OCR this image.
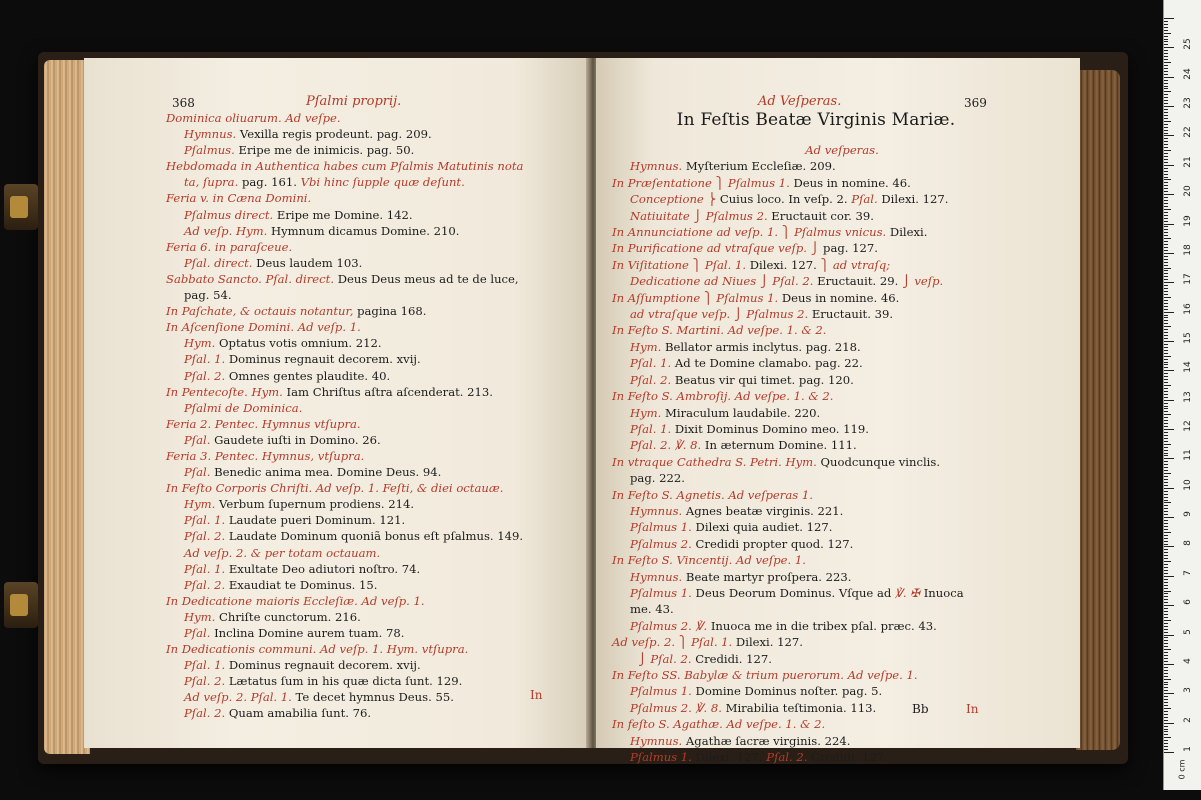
368	Pſalmi proprij.
Dominica oliuarum. Ad veſpe.
Hymnus. Vexilla regis prodeunt. pag. 209.
Pſalmus. Eripe me de inimicis. pag. 50.
Hebdomada in Authentica habes cum Pſalmis Matutinis nota
ta, ſupra. pag. 161. Vbi hinc ſupple quæ deſunt.
Feria v. in Cæna Domini.
Pſalmus direct. Eripe me Domine. 142.
Ad veſp. Hym. Hymnum dicamus Domine. 210.
Feria 6. in paraſceue.
Pſal. direct. Deus laudem 103.
Sabbato Sancto. Pſal. direct. Deus Deus meus ad te de luce,
pag. 54.
In Paſchate, & octauis notantur, pagina 168.
In Aſcenſione Domini. Ad veſp. 1.
Hym. Optatus votis omnium. 212.
Pſal. 1. Dominus regnauit decorem. xvij.
Pſal. 2. Omnes gentes plaudite. 40.
In Pentecoſte. Hym. Iam Chriſtus aſtra aſcenderat. 213.
Pſalmi de Dominica.
Feria 2. Pentec. Hymnus vtſupra.
Pſal. Gaudete iuſti in Domino. 26.
Feria 3. Pentec. Hymnus, vtſupra.
Pſal. Benedic anima mea. Domine Deus. 94.
In Feſto Corporis Chriſti. Ad veſp. 1. Feſti, & diei octauæ.
Hym. Verbum ſupernum prodiens. 214.
Pſal. 1. Laudate pueri Dominum. 121.
Pſal. 2. Laudate Dominum quoniã bonus eſt pſalmus. 149.
Ad veſp. 2. & per totam octauam.
Pſal. 1. Exultate Deo adiutori noſtro. 74.
Pſal. 2. Exaudiat te Dominus. 15.
In Dedicatione maioris Eccleſiæ. Ad veſp. 1.
Hym. Chriſte cunctorum. 216.
Pſal. Inclina Domine aurem tuam. 78.
In Dedicationis communi. Ad veſp. 1. Hym. vtſupra.
Pſal. 1. Dominus regnauit decorem. xvij.
Pſal. 2. Lætatus ſum in his quæ dicta ſunt. 129.
Ad veſp. 2. Pſal. 1. Te decet hymnus Deus. 55.
Pſal. 2. Quam amabilia ſunt. 76.
In
Ad Veſperas.	369
In Feſtis Beatæ Virginis Mariæ.
Ad veſperas.
Hymnus. Myſterium Eccleſiæ. 209.
In Præſentatione ⎫ Pſalmus 1. Deus in nomine. 46.
Conceptione ⎬ Cuius loco. In veſp. 2. Pſal. Dilexi. 127.
Natiuitate ⎭ Pſalmus 2. Eructauit cor. 39.
In Annunciatione ad veſp. 1. ⎫ Pſalmus vnicus. Dilexi.
In Purificatione ad vtraſque veſp. ⎭ pag. 127.
In Viſitatione ⎫ Pſal. 1. Dilexi. 127. ⎫ ad vtraſq;
Dedicatione ad Niues ⎭ Pſal. 2. Eructauit. 29. ⎭ veſp.
In Aſſumptione ⎫ Pſalmus 1. Deus in nomine. 46.
ad vtraſque veſp. ⎭ Pſalmus 2. Eructauit. 39.
In Feſto S. Martini. Ad veſpe. 1. & 2.
Hym. Bellator armis inclytus. pag. 218.
Pſal. 1. Ad te Domine clamabo. pag. 22.
Pſal. 2. Beatus vir qui timet. pag. 120.
In Feſto S. Ambroſij. Ad veſpe. 1. & 2.
Hym. Miraculum laudabile. 220.
Pſal. 1. Dixit Dominus Domino meo. 119.
Pſal. 2. ℣. 8. In æternum Domine. 111.
In vtraque Cathedra S. Petri. Hym. Quodcunque vinclis.
pag. 222.
In Feſto S. Agnetis. Ad veſperas 1.
Hymnus. Agnes beatæ virginis. 221.
Pſalmus 1. Dilexi quia audiet. 127.
Pſalmus 2. Credidi propter quod. 127.
In Feſto S. Vincentij. Ad veſpe. 1.
Hymnus. Beate martyr proſpera. 223.
Pſalmus 1. Deus Deorum Dominus. Vſque ad ℣. ✠ Inuoca
me. 43.
Pſalmus 2. ℣. Inuoca me in die tribex pſal. præc. 43.
Ad veſp. 2. ⎫ Pſal. 1. Dilexi. 127.
⎭ Pſal. 2. Credidi. 127.
In Feſto SS. Babylæ & trium puerorum. Ad veſpe. 1.
Pſalmus 1. Domine Dominus noſter. pag. 5.
Pſalmus 2. ℣. 8. Mirabilia teſtimonia. 113.
In feſto S. Agathæ. Ad veſpe. 1. & 2.
Hymnus. Agathæ ſacræ virginis. 224.
Pſalmus 1. Dilexi. 127. Pſal. 2. Credidi. 127.
Bb	In
0 cm
25
24
23
22
21
20
19
18
17
16
15
14
13
12
11
10
9
8
7
6
5
4
3
2
1
